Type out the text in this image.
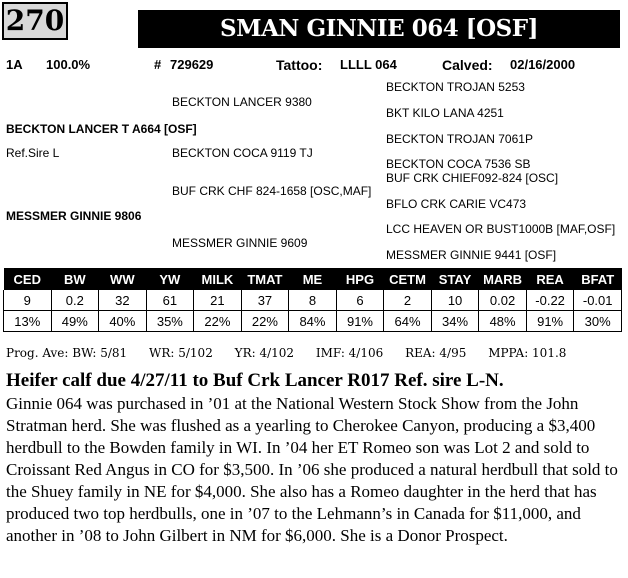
270	SMAN GINNIE 064 [OSF]
1A 100.0%	# 729629	Tattoo: LLLL 064	Calved: 02/16/2000
BECKTON TROJAN 5253
BECKTON LANCER 9380
BKT KILO LANA 4251
BECKTON LANCER T A664 [OSF]
BECKTON TROJAN 7061P
Ref.Sire L	BECKTON COCA 9119 TJ
BECKTON COCA 7536 SB
BUF CRK CHIEF092-824 [OSC]
BUF CRK CHF 824-1658 [OSC,MAF]
BFLO CRK CARIE VC473
MESSMER GINNIE 9806
LCC HEAVEN OR BUST1000B [MAF,OSF]
MESSMER GINNIE 9609
MESSMER GINNIE 9441 [OSF]
CED	BW	WW	YW	MILK	TMAT	ME	HPG	CETM	STAY	MARB	REA	BFAT
9	0.2	32	61	21	37	8	6	2	10	0.02	-0.22	-0.01
13%	49%	40%	35%	22%	22%	84%	91%	64%	34%	48%	91%	30%
Prog. Ave: BW: 5/81 WR: 5/102 YR: 4/102 IMF: 4/106 REA: 4/95 MPPA: 101.8
Heifer calf due 4/27/11 to Buf Crk Lancer R017 Ref. sire L-N.
Ginnie 064 was purchased in ’01 at the National Western Stock Show from the John Stratman herd. She was flushed as a yearling to Cherokee Canyon, producing a $3,400 herdbull to the Bowden family in WI. In ’04 her ET Romeo son was Lot 2 and sold to Croissant Red Angus in CO for $3,500. In ’06 she produced a natural herdbull that sold to the Shuey family in NE for $4,000. She also has a Romeo daughter in the herd that has produced two top herdbulls, one in ’07 to the Lehmann’s in Canada for $11,000, and another in ’08 to John Gilbert in NM for $6,000. She is a Donor Prospect.
